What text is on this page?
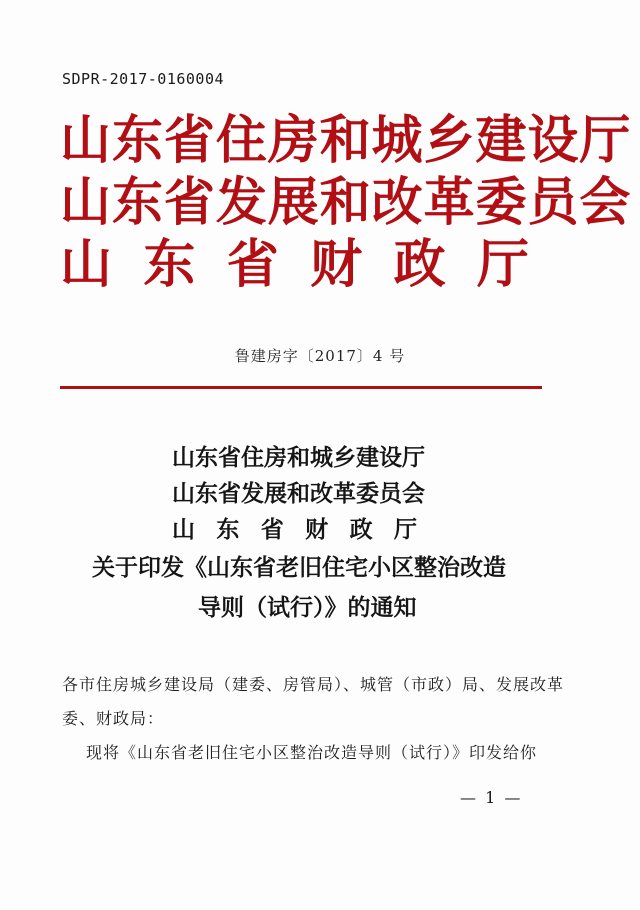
SDPR-2017-0160004
山东省住房和城乡建设厅
山东省发展和改革委员会
山 东 省 财 政 厅
鲁建房字〔2017〕4 号
山东省住房和城乡建设厅
山东省发展和改革委员会
山 东 省 财 政 厅
关于印发《山东省老旧住宅小区整治改造
导则（试行）》的通知
各市住房城乡建设局（建委、房管局）、城管（市政）局、发展改革
委、财政局：
现将《山东省老旧住宅小区整治改造导则（试行）》印发给你
— 1 —
